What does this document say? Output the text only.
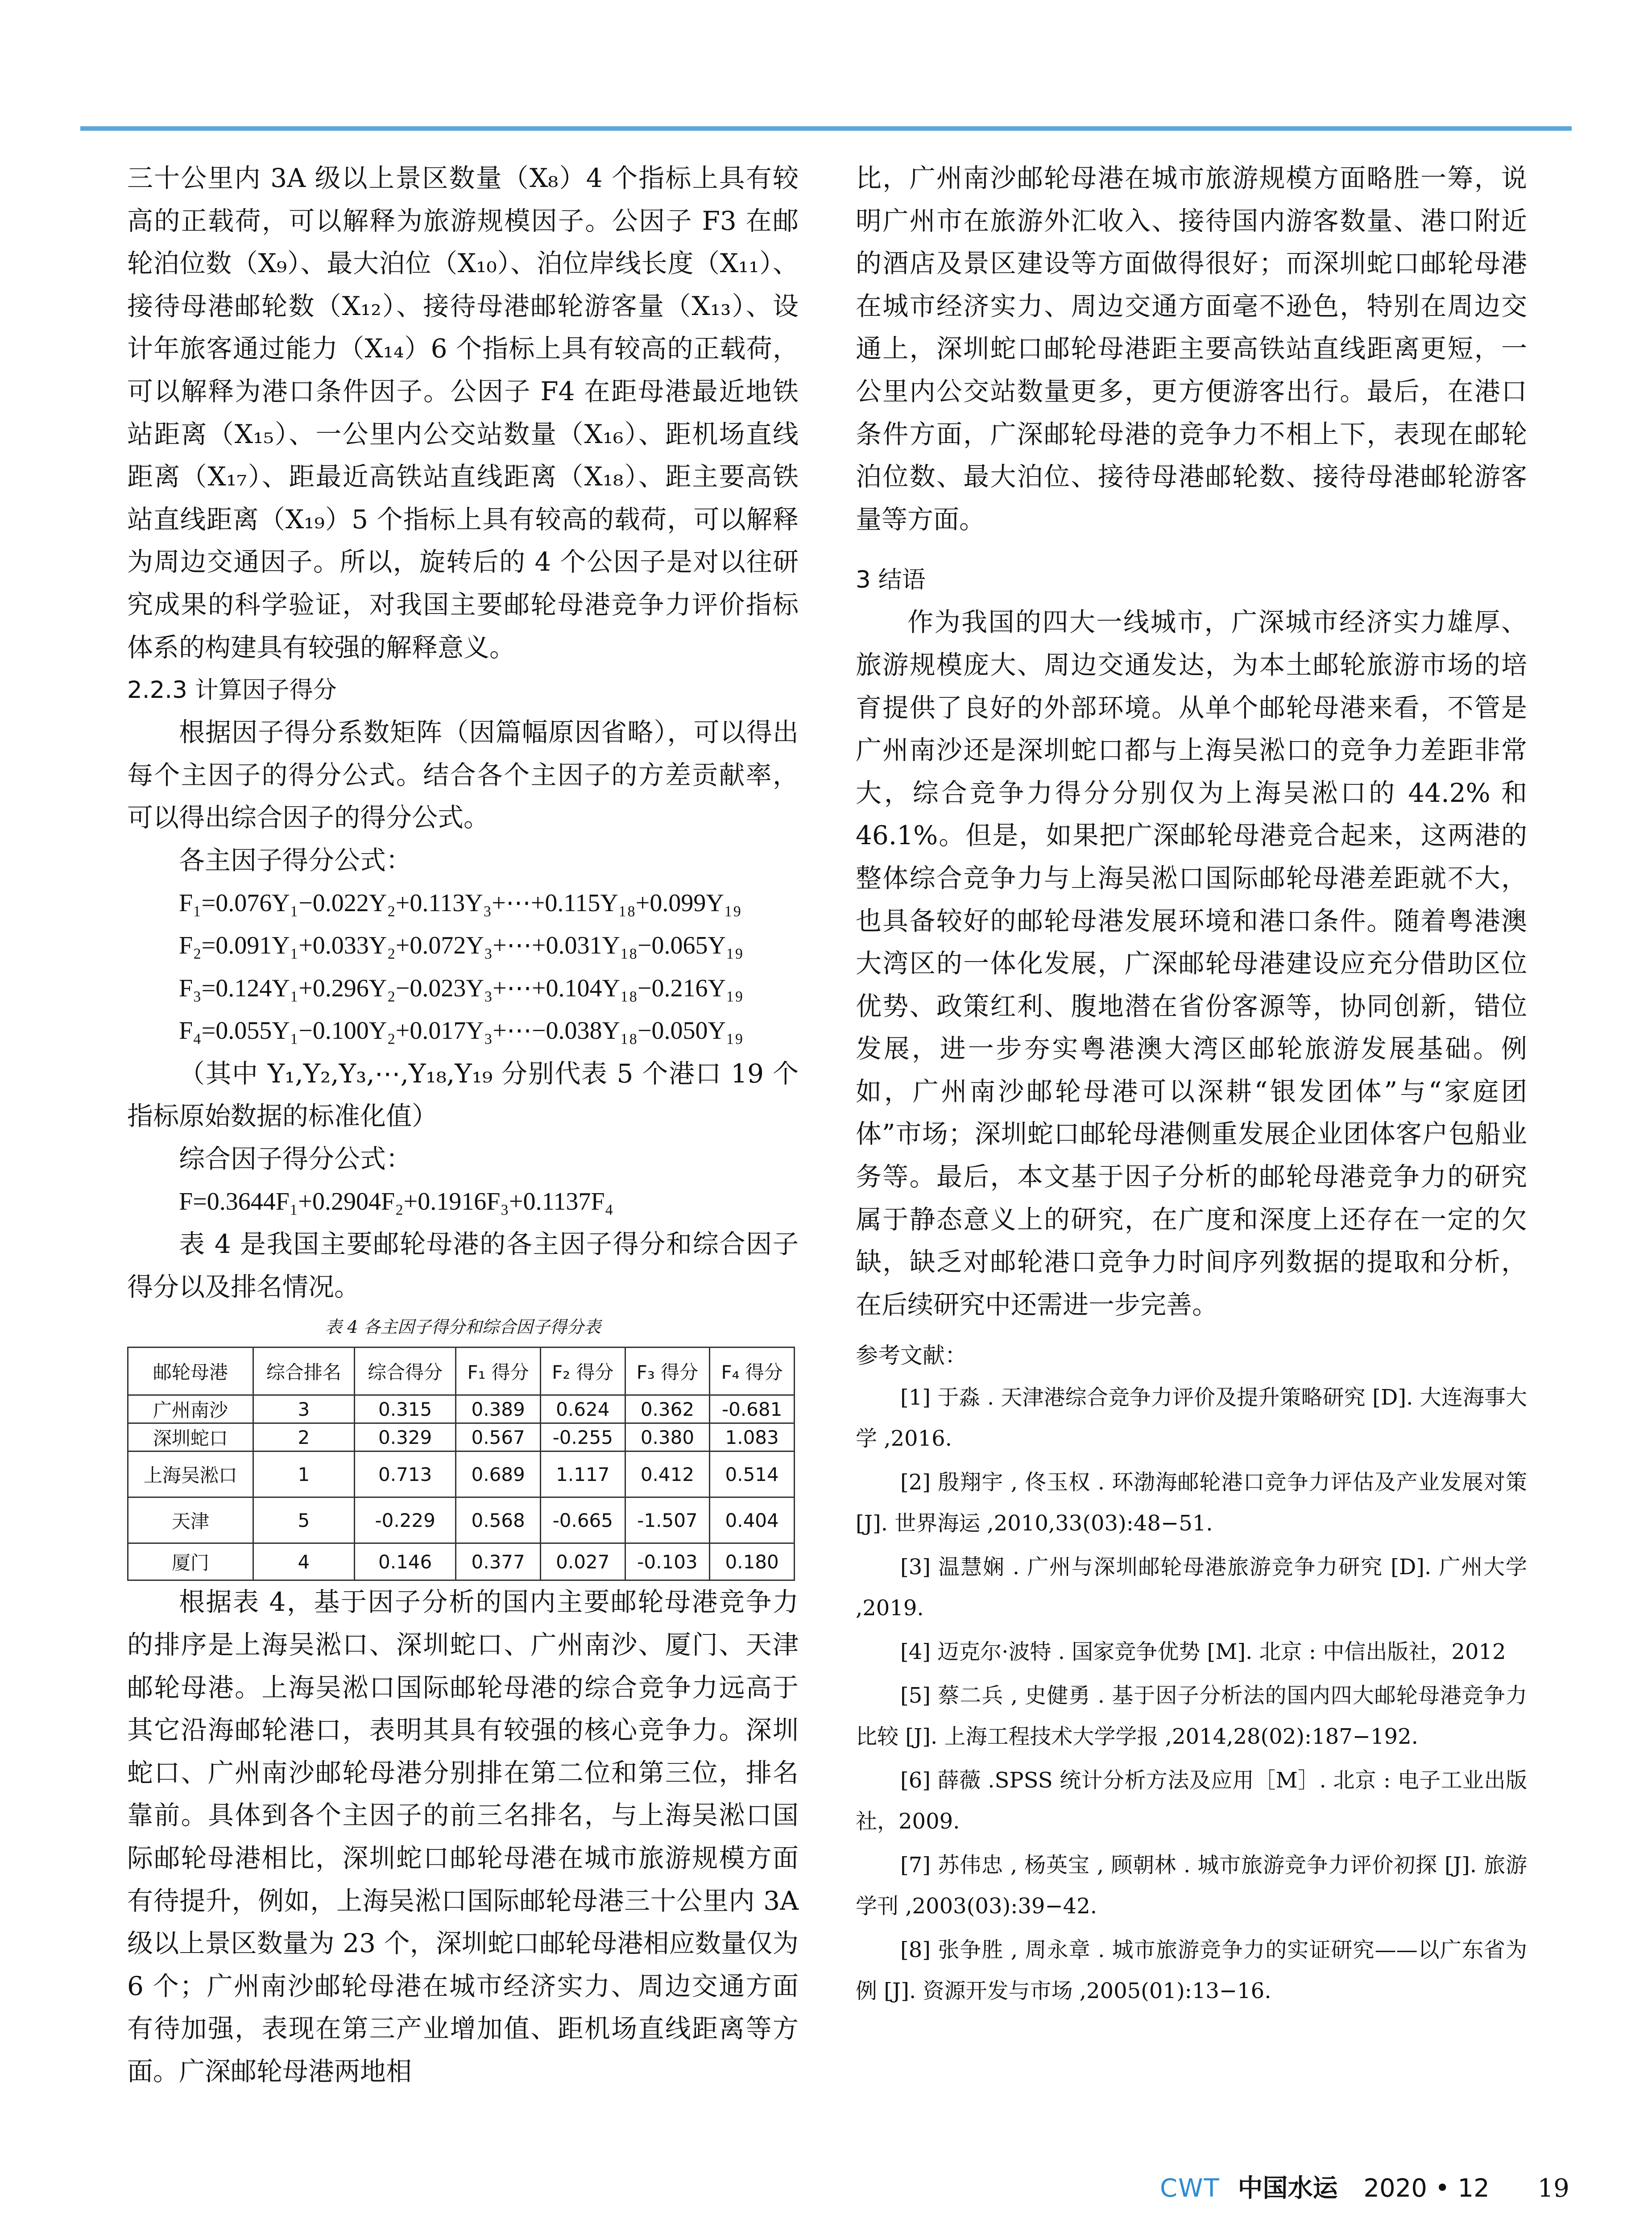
三十公里内 3A 级以上景区数量（X₈）4 个指标上具有较高的正载荷，可以解释为旅游规模因子。公因子 F3 在邮轮泊位数（X₉）、最大泊位（X₁₀）、泊位岸线长度（X₁₁）、接待母港邮轮数（X₁₂）、接待母港邮轮游客量（X₁₃）、设计年旅客通过能力（X₁₄）6 个指标上具有较高的正载荷，可以解释为港口条件因子。公因子 F4 在距母港最近地铁站距离（X₁₅）、一公里内公交站数量（X₁₆）、距机场直线距离（X₁₇）、距最近高铁站直线距离（X₁₈）、距主要高铁站直线距离（X₁₉）5 个指标上具有较高的载荷，可以解释为周边交通因子。所以，旋转后的 4 个公因子是对以往研究成果的科学验证，对我国主要邮轮母港竞争力评价指标体系的构建具有较强的解释意义。

2.2.3 计算因子得分

根据因子得分系数矩阵（因篇幅原因省略），可以得出每个主因子的得分公式。结合各个主因子的方差贡献率，可以得出综合因子的得分公式。

各主因子得分公式：

F₁=0.076Y₁−0.022Y₂+0.113Y₃+⋯+0.115Y₁₈+0.099Y₁₉

F₂=0.091Y₁+0.033Y₂+0.072Y₃+⋯+0.031Y₁₈−0.065Y₁₉

F₃=0.124Y₁+0.296Y₂−0.023Y₃+⋯+0.104Y₁₈−0.216Y₁₉

F₄=0.055Y₁−0.100Y₂+0.017Y₃+⋯−0.038Y₁₈−0.050Y₁₉

（其中 Y₁,Y₂,Y₃,⋯,Y₁₈,Y₁₉ 分别代表 5 个港口 19 个指标原始数据的标准化值）

综合因子得分公式：

F=0.3644F₁+0.2904F₂+0.1916F₃+0.1137F₄

表 4 是我国主要邮轮母港的各主因子得分和综合因子得分以及排名情况。

表 4 各主因子得分和综合因子得分表
邮轮母港	综合排名	综合得分	F₁ 得分	F₂ 得分	F₃ 得分	F₄ 得分
广州南沙	3	0.315	0.389	0.624	0.362	-0.681
深圳蛇口	2	0.329	0.567	-0.255	0.380	1.083
上海吴淞口	1	0.713	0.689	1.117	0.412	0.514
天津	5	-0.229	0.568	-0.665	-1.507	0.404
厦门	4	0.146	0.377	0.027	-0.103	0.180

根据表 4，基于因子分析的国内主要邮轮母港竞争力的排序是上海吴淞口、深圳蛇口、广州南沙、厦门、天津邮轮母港。上海吴淞口国际邮轮母港的综合竞争力远高于其它沿海邮轮港口，表明其具有较强的核心竞争力。深圳蛇口、广州南沙邮轮母港分别排在第二位和第三位，排名靠前。具体到各个主因子的前三名排名，与上海吴淞口国际邮轮母港相比，深圳蛇口邮轮母港在城市旅游规模方面有待提升，例如，上海吴淞口国际邮轮母港三十公里内 3A 级以上景区数量为 23 个，深圳蛇口邮轮母港相应数量仅为 6 个；广州南沙邮轮母港在城市经济实力、周边交通方面有待加强，表现在第三产业增加值、距机场直线距离等方面。广深邮轮母港两地相

比，广州南沙邮轮母港在城市旅游规模方面略胜一筹，说明广州市在旅游外汇收入、接待国内游客数量、港口附近的酒店及景区建设等方面做得很好；而深圳蛇口邮轮母港在城市经济实力、周边交通方面毫不逊色，特别在周边交通上，深圳蛇口邮轮母港距主要高铁站直线距离更短，一公里内公交站数量更多，更方便游客出行。最后，在港口条件方面，广深邮轮母港的竞争力不相上下，表现在邮轮泊位数、最大泊位、接待母港邮轮数、接待母港邮轮游客量等方面。

3 结语

作为我国的四大一线城市，广深城市经济实力雄厚、旅游规模庞大、周边交通发达，为本土邮轮旅游市场的培育提供了良好的外部环境。从单个邮轮母港来看，不管是广州南沙还是深圳蛇口都与上海吴淞口的竞争力差距非常大，综合竞争力得分分别仅为上海吴淞口的 44.2% 和 46.1%。但是，如果把广深邮轮母港竞合起来，这两港的整体综合竞争力与上海吴淞口国际邮轮母港差距就不大，也具备较好的邮轮母港发展环境和港口条件。随着粤港澳大湾区的一体化发展，广深邮轮母港建设应充分借助区位优势、政策红利、腹地潜在省份客源等，协同创新，错位发展，进一步夯实粤港澳大湾区邮轮旅游发展基础。例如，广州南沙邮轮母港可以深耕“银发团体”与“家庭团体”市场；深圳蛇口邮轮母港侧重发展企业团体客户包船业务等。最后，本文基于因子分析的邮轮母港竞争力的研究属于静态意义上的研究，在广度和深度上还存在一定的欠缺，缺乏对邮轮港口竞争力时间序列数据的提取和分析，在后续研究中还需进一步完善。

参考文献：

[1] 于淼 . 天津港综合竞争力评价及提升策略研究 [D]. 大连海事大学 ,2016.

[2] 殷翔宇 , 佟玉权 . 环渤海邮轮港口竞争力评估及产业发展对策 [J]. 世界海运 ,2010,33(03):48−51.

[3] 温慧娴 . 广州与深圳邮轮母港旅游竞争力研究 [D]. 广州大学 ,2019.

[4] 迈克尔·波特 . 国家竞争优势 [M]. 北京 : 中信出版社，2012

[5] 蔡二兵 , 史健勇 . 基于因子分析法的国内四大邮轮母港竞争力比较 [J]. 上海工程技术大学学报 ,2014,28(02):187−192.

[6] 薛薇 .SPSS 统计分析方法及应用［M］. 北京 : 电子工业出版社，2009.

[7] 苏伟忠 , 杨英宝 , 顾朝林 . 城市旅游竞争力评价初探 [J]. 旅游学刊 ,2003(03):39−42.

[8] 张争胜 , 周永章 . 城市旅游竞争力的实证研究——以广东省为例 [J]. 资源开发与市场 ,2005(01):13−16.

CWT 中国水运 2020 • 12 19
